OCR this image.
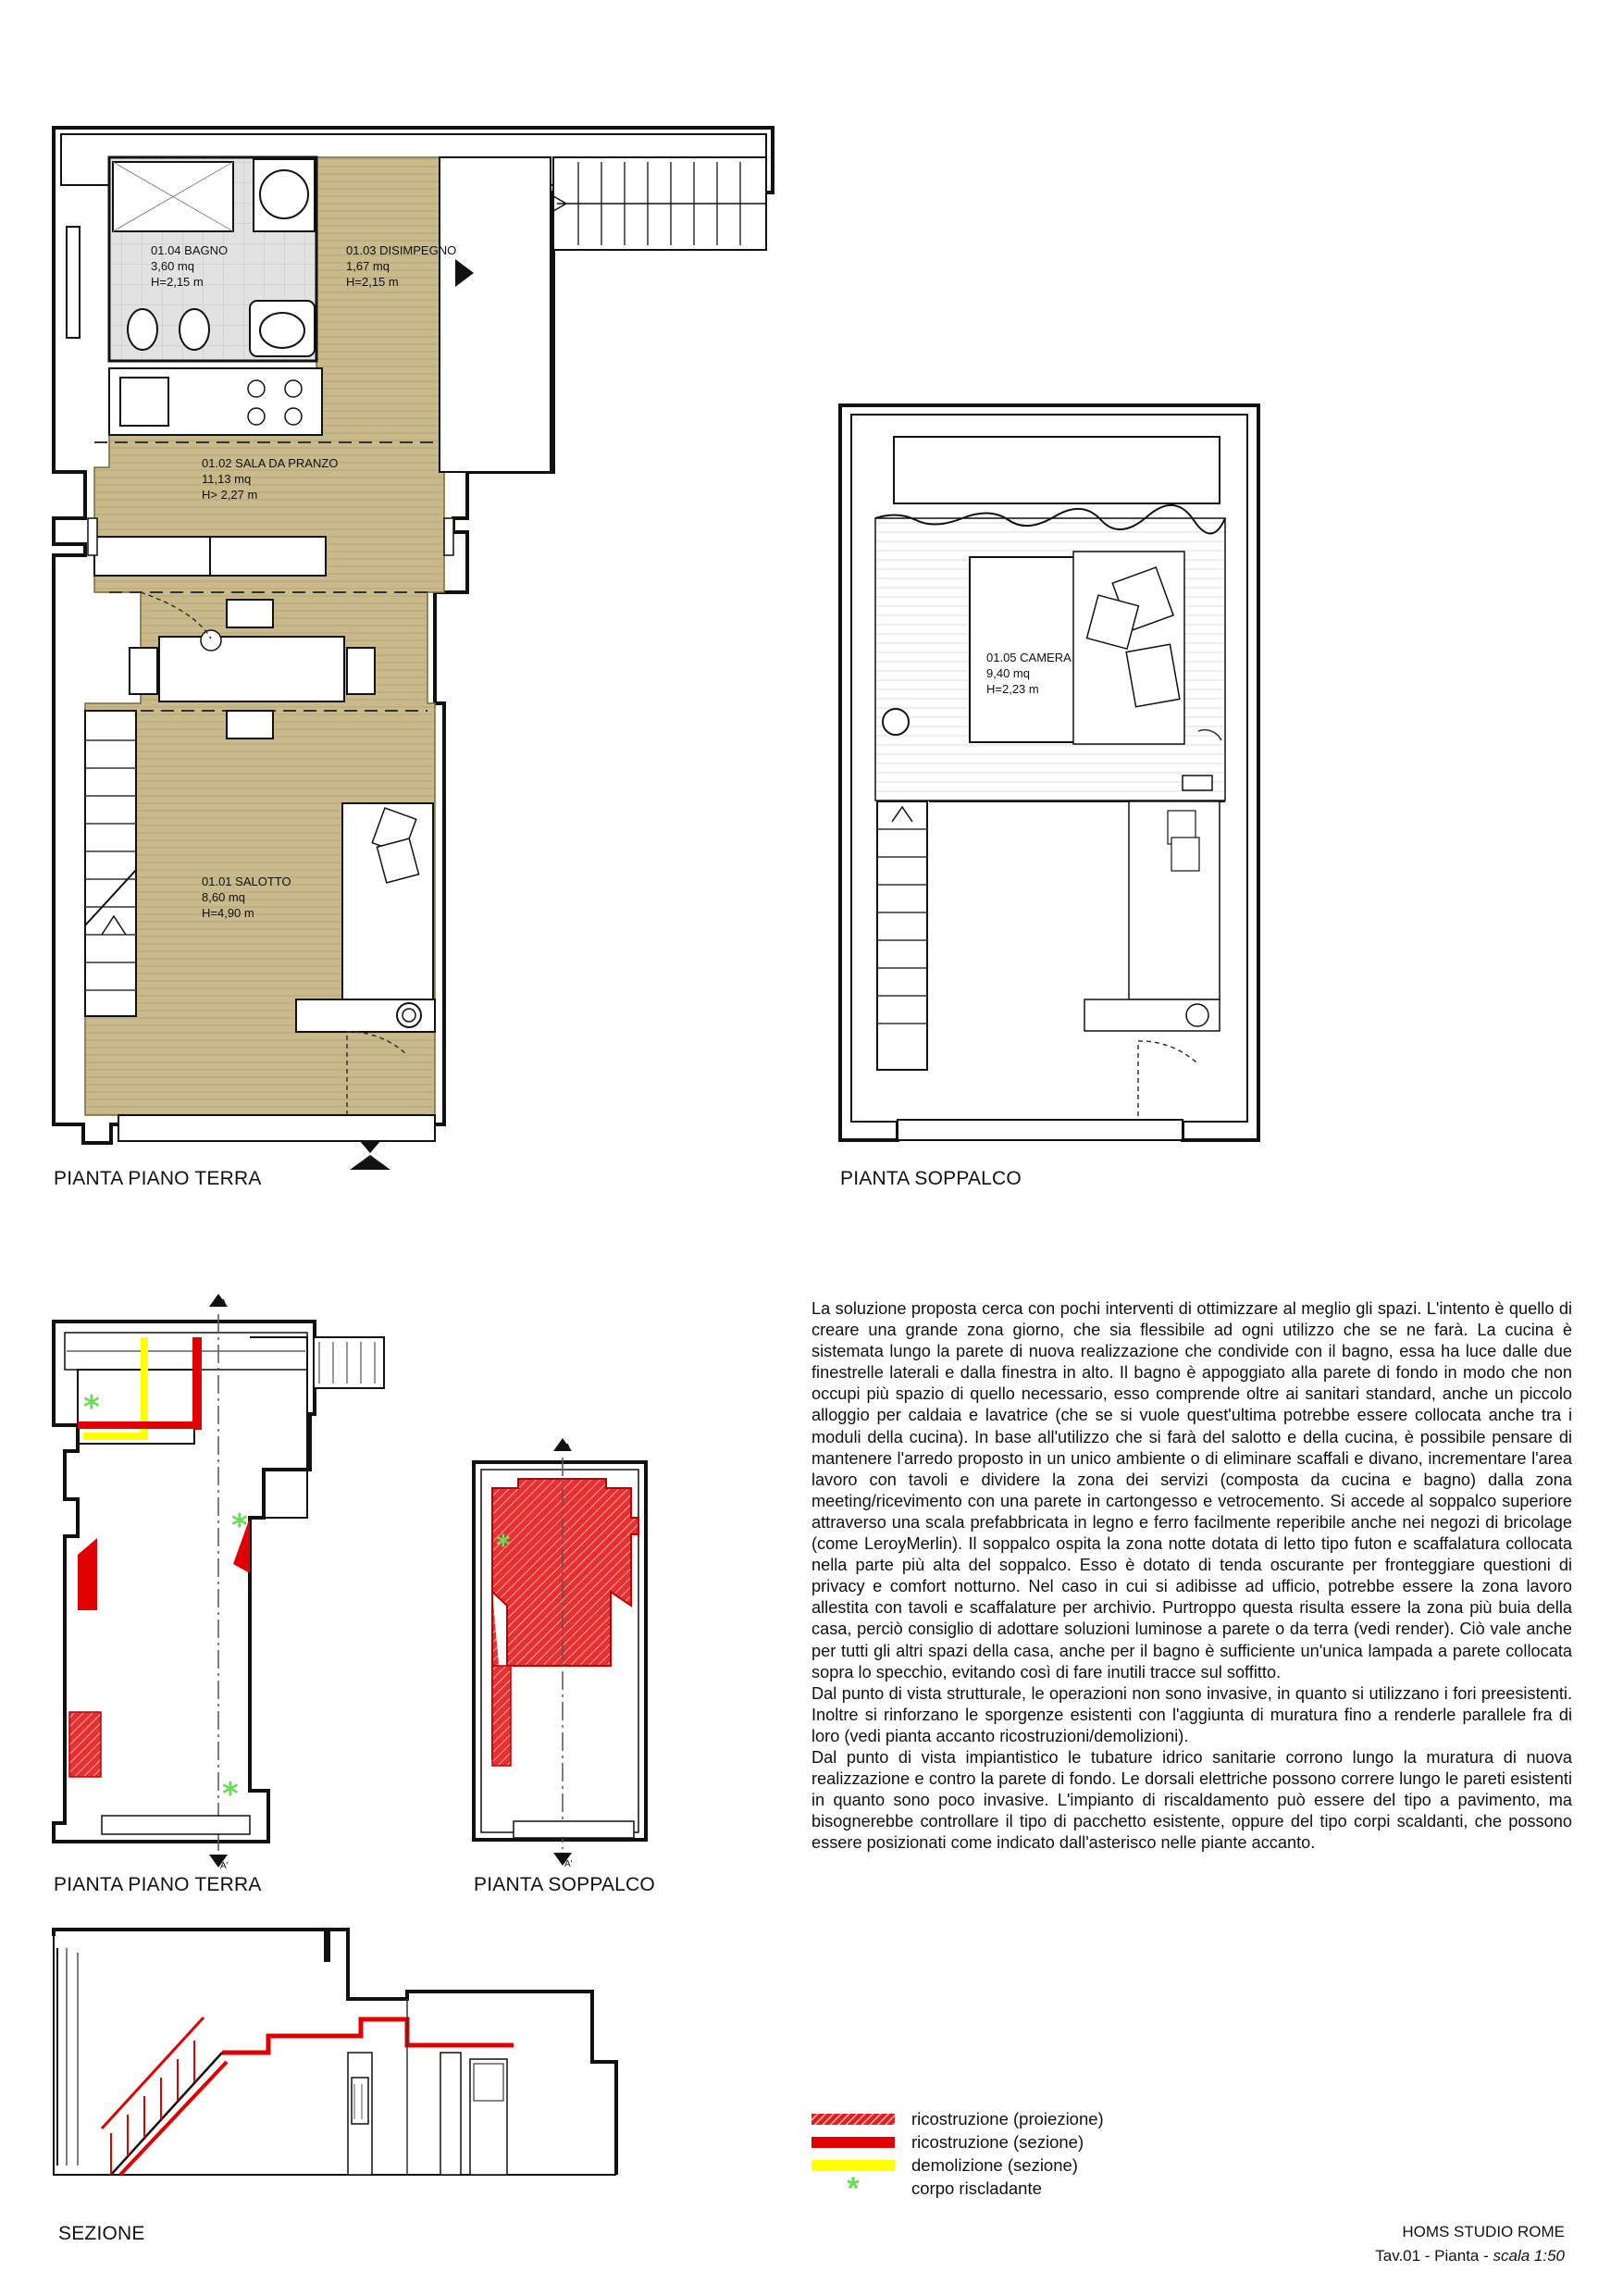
*
*
*
*
PIANTA PIANO TERRA	PIANTA SOPPALCO
PIANTA PIANO TERRA	PIANTA SOPPALCO
SEZIONE
A
A'
A
A'
01.04 BAGNO
3,60 mq
H=2,15 m
01.03 DISIMPEGNO
1,67 mq
H=2,15 m
01.02 SALA DA PRANZO
11,13 mq
H> 2,27 m
01.01 SALOTTO
8,60 mq
H=4,90 m
01.05 CAMERA
9,40 mq
H=2,23 m
La soluzione proposta cerca con pochi interventi di ottimizzare al meglio gli spazi. L'intento è quello di creare una grande zona giorno, che sia flessibile ad ogni utilizzo che se ne farà. La cucina è sistemata lungo la parete di nuova realizzazione che condivide con il bagno, essa ha luce dalle due finestrelle laterali e dalla finestra in alto. Il bagno è appoggiato alla parete di fondo in modo che non occupi più spazio di quello necessario, esso comprende oltre ai sanitari standard, anche un piccolo alloggio per caldaia e lavatrice (che se si vuole quest'ultima potrebbe essere collocata anche tra i moduli della cucina). In base all'utilizzo che si farà del salotto e della cucina, è possibile pensare di mantenere l'arredo proposto in un unico ambiente o di eliminare scaffali e divano, incrementare l'area lavoro con tavoli e dividere la zona dei servizi (composta da cucina e bagno) dalla zona meeting/ricevimento con una parete in cartongesso e vetrocemento. Si accede al soppalco superiore attraverso una scala prefabbricata in legno e ferro facilmente reperibile anche nei negozi di bricolage (come LeroyMerlin). Il soppalco ospita la zona notte dotata di letto tipo futon e scaffalatura collocata nella parte più alta del soppalco. Esso è dotato di tenda oscurante per fronteggiare questioni di privacy e comfort notturno. Nel caso in cui si adibisse ad ufficio, potrebbe essere la zona lavoro allestita con tavoli e scaffalature per archivio. Purtroppo questa risulta essere la zona più buia della casa, perciò consiglio di adottare soluzioni luminose a parete o da terra (vedi render). Ciò vale anche per tutti gli altri spazi della casa, anche per il bagno è sufficiente un'unica lampada a parete collocata sopra lo specchio, evitando così di fare inutili tracce sul soffitto.
Dal punto di vista strutturale, le operazioni non sono invasive, in quanto si utilizzano i fori preesistenti. Inoltre si rinforzano le sporgenze esistenti con l'aggiunta di muratura fino a renderle parallele fra di loro (vedi pianta accanto ricostruzioni/demolizioni).
Dal punto di vista impiantistico le tubature idrico sanitarie corrono lungo la muratura di nuova realizzazione e contro la parete di fondo. Le dorsali elettriche possono correre lungo le pareti esistenti in quanto sono poco invasive. L'impianto di riscaldamento può essere del tipo a pavimento, ma bisognerebbe controllare il tipo di pacchetto esistente, oppure del tipo corpi scaldanti, che possono essere posizionati come indicato dall'asterisco nelle piante accanto.
ricostruzione (proiezione)
ricostruzione (sezione)
demolizione (sezione)
*	corpo riscladante
HOMS STUDIO ROME
Tav.01 - Pianta - scala 1:50
